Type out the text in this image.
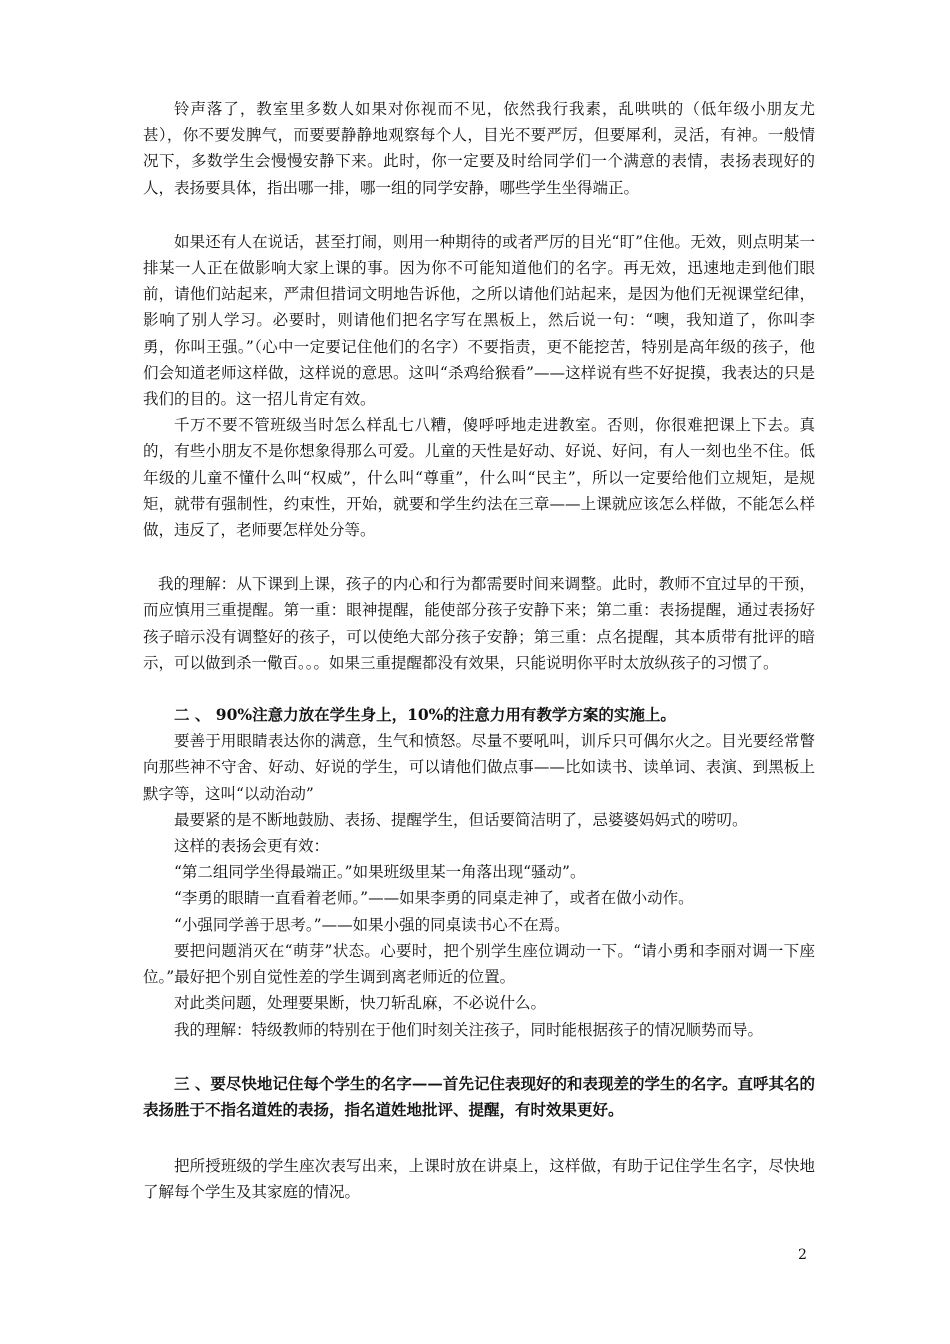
铃声落了，教室里多数人如果对你视而不见，依然我行我素，乱哄哄的（低年级小朋友尤甚），你不要发脾气，而要要静静地观察每个人，目光不要严厉，但要犀利，灵活，有神。一般情况下，多数学生会慢慢安静下来。此时，你一定要及时给同学们一个满意的表情，表扬表现好的人，表扬要具体，指出哪一排，哪一组的同学安静，哪些学生坐得端正。

如果还有人在说话，甚至打闹，则用一种期待的或者严厉的目光“盯”住他。无效，则点明某一排某一人正在做影响大家上课的事。因为你不可能知道他们的名字。再无效，迅速地走到他们眼前，请他们站起来，严肃但措词文明地告诉他，之所以请他们站起来，是因为他们无视课堂纪律，影响了别人学习。必要时，则请他们把名字写在黑板上，然后说一句：“噢，我知道了，你叫李勇，你叫王强。”（心中一定要记住他们的名字）不要指责，更不能挖苦，特别是高年级的孩子，他们会知道老师这样做，这样说的意思。这叫“杀鸡给猴看”——这样说有些不好捉摸，我表达的只是我们的目的。这一招儿肯定有效。

千万不要不管班级当时怎么样乱七八糟，傻呼呼地走进教室。否则，你很难把课上下去。真的，有些小朋友不是你想象得那么可爱。儿童的天性是好动、好说、好问，有人一刻也坐不住。低年级的儿童不懂什么叫“权威”，什么叫“尊重”，什么叫“民主”，所以一定要给他们立规矩，是规矩，就带有强制性，约束性，开始，就要和学生约法在三章——上课就应该怎么样做，不能怎么样做，违反了，老师要怎样处分等。

我的理解：从下课到上课，孩子的内心和行为都需要时间来调整。此时，教师不宜过早的干预，而应慎用三重提醒。第一重：眼神提醒，能使部分孩子安静下来；第二重：表扬提醒，通过表扬好孩子暗示没有调整好的孩子，可以使绝大部分孩子安静；第三重：点名提醒，其本质带有批评的暗示，可以做到杀一儆百。。。如果三重提醒都没有效果，只能说明你平时太放纵孩子的习惯了。

二 、 90%注意力放在学生身上，10%的注意力用有教学方案的实施上。

要善于用眼睛表达你的满意，生气和愤怒。尽量不要吼叫，训斥只可偶尔火之。目光要经常瞥向那些神不守舍、好动、好说的学生，可以请他们做点事——比如读书、读单词、表演、到黑板上默字等，这叫“以动治动”

最要紧的是不断地鼓励、表扬、提醒学生，但话要简洁明了，忌婆婆妈妈式的唠叨。

这样的表扬会更有效：

“第二组同学坐得最端正。”如果班级里某一角落出现“骚动”。

“李勇的眼睛一直看着老师。”——如果李勇的同桌走神了，或者在做小动作。

“小强同学善于思考。”——如果小强的同桌读书心不在焉。

要把问题消灭在“萌芽”状态。心要时，把个别学生座位调动一下。“请小勇和李丽对调一下座位。”最好把个别自觉性差的学生调到离老师近的位置。

对此类问题，处理要果断，快刀斩乱麻，不必说什么。

我的理解：特级教师的特别在于他们时刻关注孩子，同时能根据孩子的情况顺势而导。

三 、要尽快地记住每个学生的名字——首先记住表现好的和表现差的学生的名字。直呼其名的表扬胜于不指名道姓的表扬，指名道姓地批评、提醒，有时效果更好。

把所授班级的学生座次表写出来，上课时放在讲桌上，这样做，有助于记住学生名字，尽快地了解每个学生及其家庭的情况。

2
